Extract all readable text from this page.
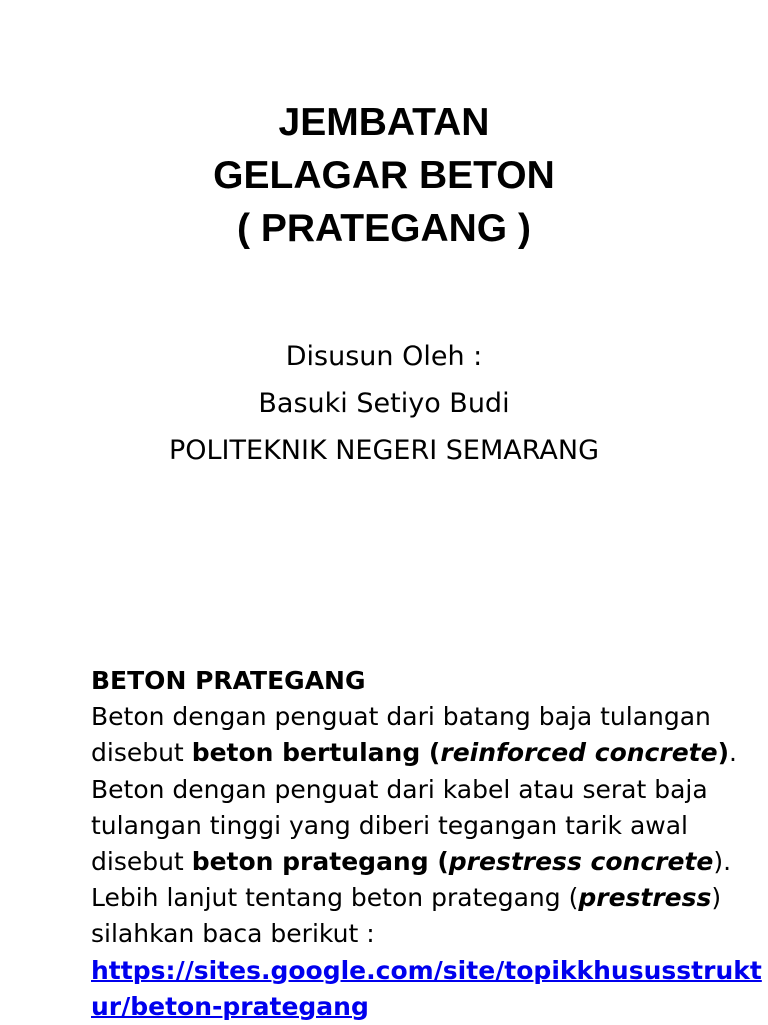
JEMBATAN
GELAGAR BETON
( PRATEGANG )
Disusun Oleh :
Basuki Setiyo Budi
POLITEKNIK NEGERI SEMARANG
BETON PRATEGANG
Beton dengan penguat dari batang baja tulangan
disebut beton bertulang (reinforced concrete).
Beton dengan penguat dari kabel atau serat baja
tulangan tinggi yang diberi tegangan tarik awal
disebut beton prategang (prestress concrete).
Lebih lanjut tentang beton prategang (prestress)
silahkan baca berikut :
https://sites.google.com/site/topikkhususstrukt
ur/beton-prategang
